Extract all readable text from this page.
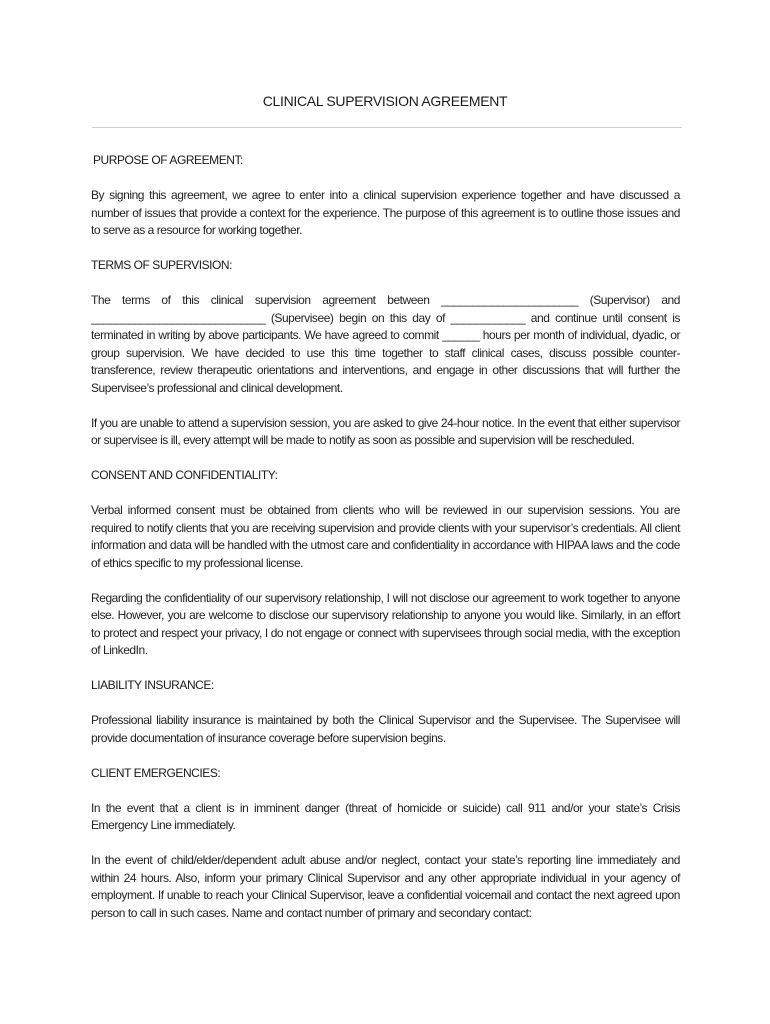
CLINICAL SUPERVISION AGREEMENT
PURPOSE OF AGREEMENT:

By signing this agreement, we agree to enter into a clinical supervision experience together and have discussed a number of issues that provide a context for the experience. The purpose of this agreement is to outline those issues and to serve as a resource for working together.

TERMS OF SUPERVISION:

The terms of this clinical supervision agreement between ______________________ (Supervisor) and ____________________________ (Supervisee) begin on this day of ____________ and continue until consent is terminated in writing by above participants. We have agreed to commit ______ hours per month of individual, dyadic, or group supervision. We have decided to use this time together to staff clinical cases, discuss possible counter-transference, review therapeutic orientations and interventions, and engage in other discussions that will further the Supervisee’s professional and clinical development.

If you are unable to attend a supervision session, you are asked to give 24-hour notice. In the event that either supervisor or supervisee is ill, every attempt will be made to notify as soon as possible and supervision will be rescheduled.

CONSENT AND CONFIDENTIALITY:

Verbal informed consent must be obtained from clients who will be reviewed in our supervision sessions. You are required to notify clients that you are receiving supervision and provide clients with your supervisor’s credentials. All client information and data will be handled with the utmost care and confidentiality in accordance with HIPAA laws and the code of ethics specific to my professional license.

Regarding the confidentiality of our supervisory relationship, I will not disclose our agreement to work together to anyone else. However, you are welcome to disclose our supervisory relationship to anyone you would like. Similarly, in an effort to protect and respect your privacy, I do not engage or connect with supervisees through social media, with the exception of LinkedIn.

LIABILITY INSURANCE:

Professional liability insurance is maintained by both the Clinical Supervisor and the Supervisee. The Supervisee will provide documentation of insurance coverage before supervision begins.

CLIENT EMERGENCIES:

In the event that a client is in imminent danger (threat of homicide or suicide) call 911 and/or your state’s Crisis Emergency Line immediately.

In the event of child/elder/dependent adult abuse and/or neglect, contact your state’s reporting line immediately and within 24 hours. Also, inform your primary Clinical Supervisor and any other appropriate individual in your agency of employment. If unable to reach your Clinical Supervisor, leave a confidential voicemail and contact the next agreed upon person to call in such cases. Name and contact number of primary and secondary contact:
